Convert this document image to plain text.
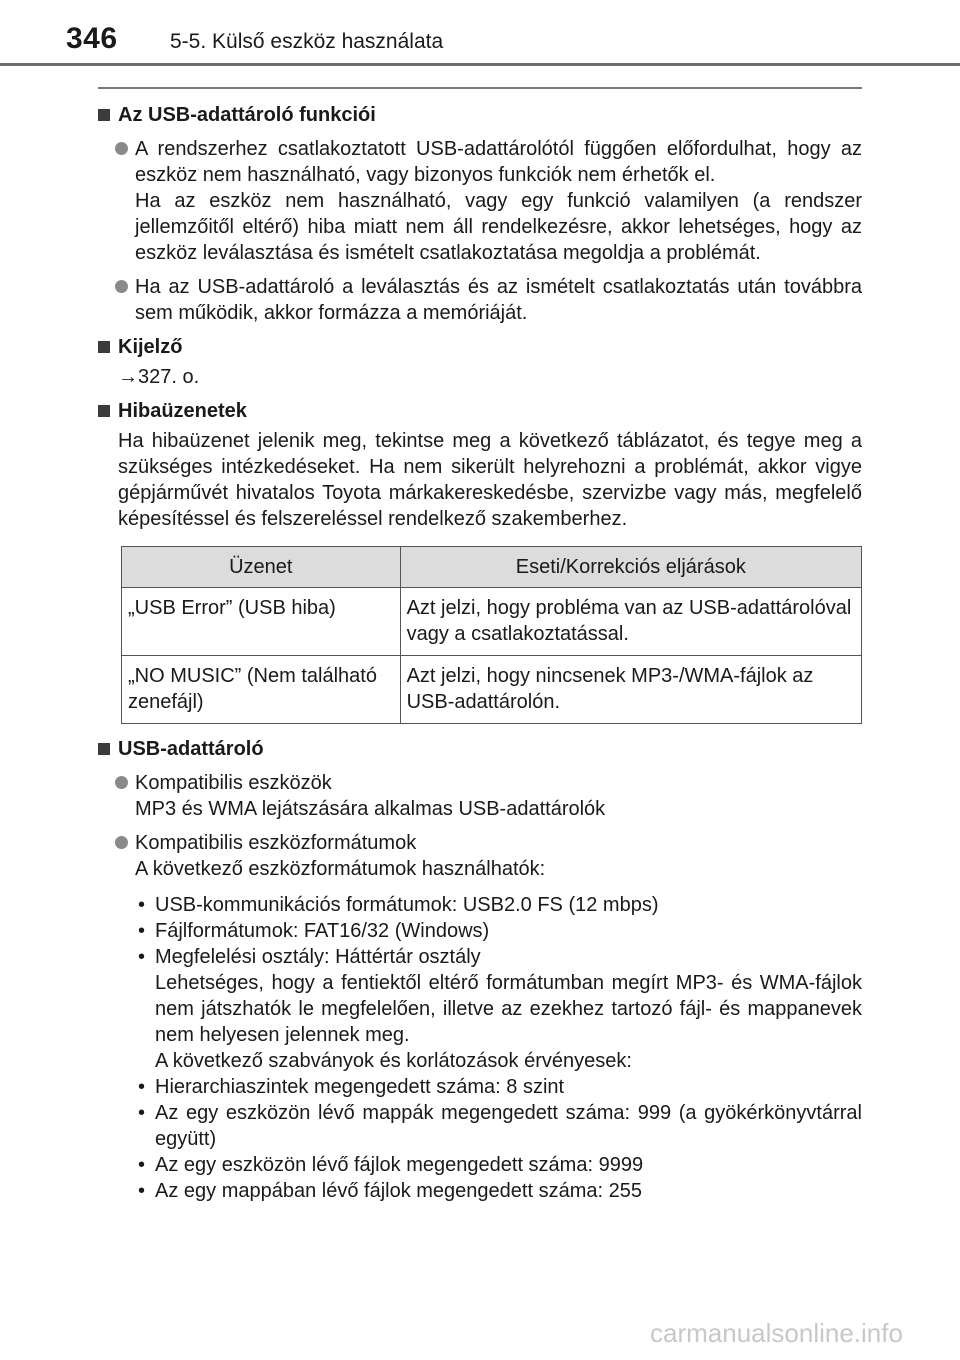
346 5-5. Külső eszköz használata
Az USB-adattároló funkciói
A rendszerhez csatlakoztatott USB-adattárolótól függően előfordulhat, hogy az eszköz nem használható, vagy bizonyos funkciók nem érhetők el.
Ha az eszköz nem használható, vagy egy funkció valamilyen (a rendszer jellemzőitől eltérő) hiba miatt nem áll rendelkezésre, akkor lehetséges, hogy az eszköz leválasztása és ismételt csatlakoztatása megoldja a problémát.
Ha az USB-adattároló a leválasztás és az ismételt csatlakoztatás után továbbra sem működik, akkor formázza a memóriáját.
Kijelző
→327. o.
Hibaüzenetek
Ha hibaüzenet jelenik meg, tekintse meg a következő táblázatot, és tegye meg a szükséges intézkedéseket. Ha nem sikerült helyrehozni a problémát, akkor vigye gépjárművét hivatalos Toyota márkakereskedésbe, szervizbe vagy más, megfelelő képesítéssel és felszereléssel rendelkező szakemberhez.
Üzenet	Eseti/Korrekciós eljárások
„USB Error” (USB hiba)	Azt jelzi, hogy probléma van az USB-adattárolóval vagy a csatlakoztatással.
„NO MUSIC” (Nem található zenefájl)	Azt jelzi, hogy nincsenek MP3-/WMA-fájlok az USB-adattárolón.
USB-adattároló
Kompatibilis eszközök
MP3 és WMA lejátszására alkalmas USB-adattárolók
Kompatibilis eszközformátumok
A következő eszközformátumok használhatók:
• USB-kommunikációs formátumok: USB2.0 FS (12 mbps)
• Fájlformátumok: FAT16/32 (Windows)
• Megfelelési osztály: Háttértár osztály
Lehetséges, hogy a fentiektől eltérő formátumban megírt MP3- és WMA-fájlok nem játszhatók le megfelelően, illetve az ezekhez tartozó fájl- és mappanevek nem helyesen jelennek meg.
A következő szabványok és korlátozások érvényesek:
• Hierarchiaszintek megengedett száma: 8 szint
• Az egy eszközön lévő mappák megengedett száma: 999 (a gyökérkönyvtárral együtt)
• Az egy eszközön lévő fájlok megengedett száma: 9999
• Az egy mappában lévő fájlok megengedett száma: 255
carmanualsonline.info
